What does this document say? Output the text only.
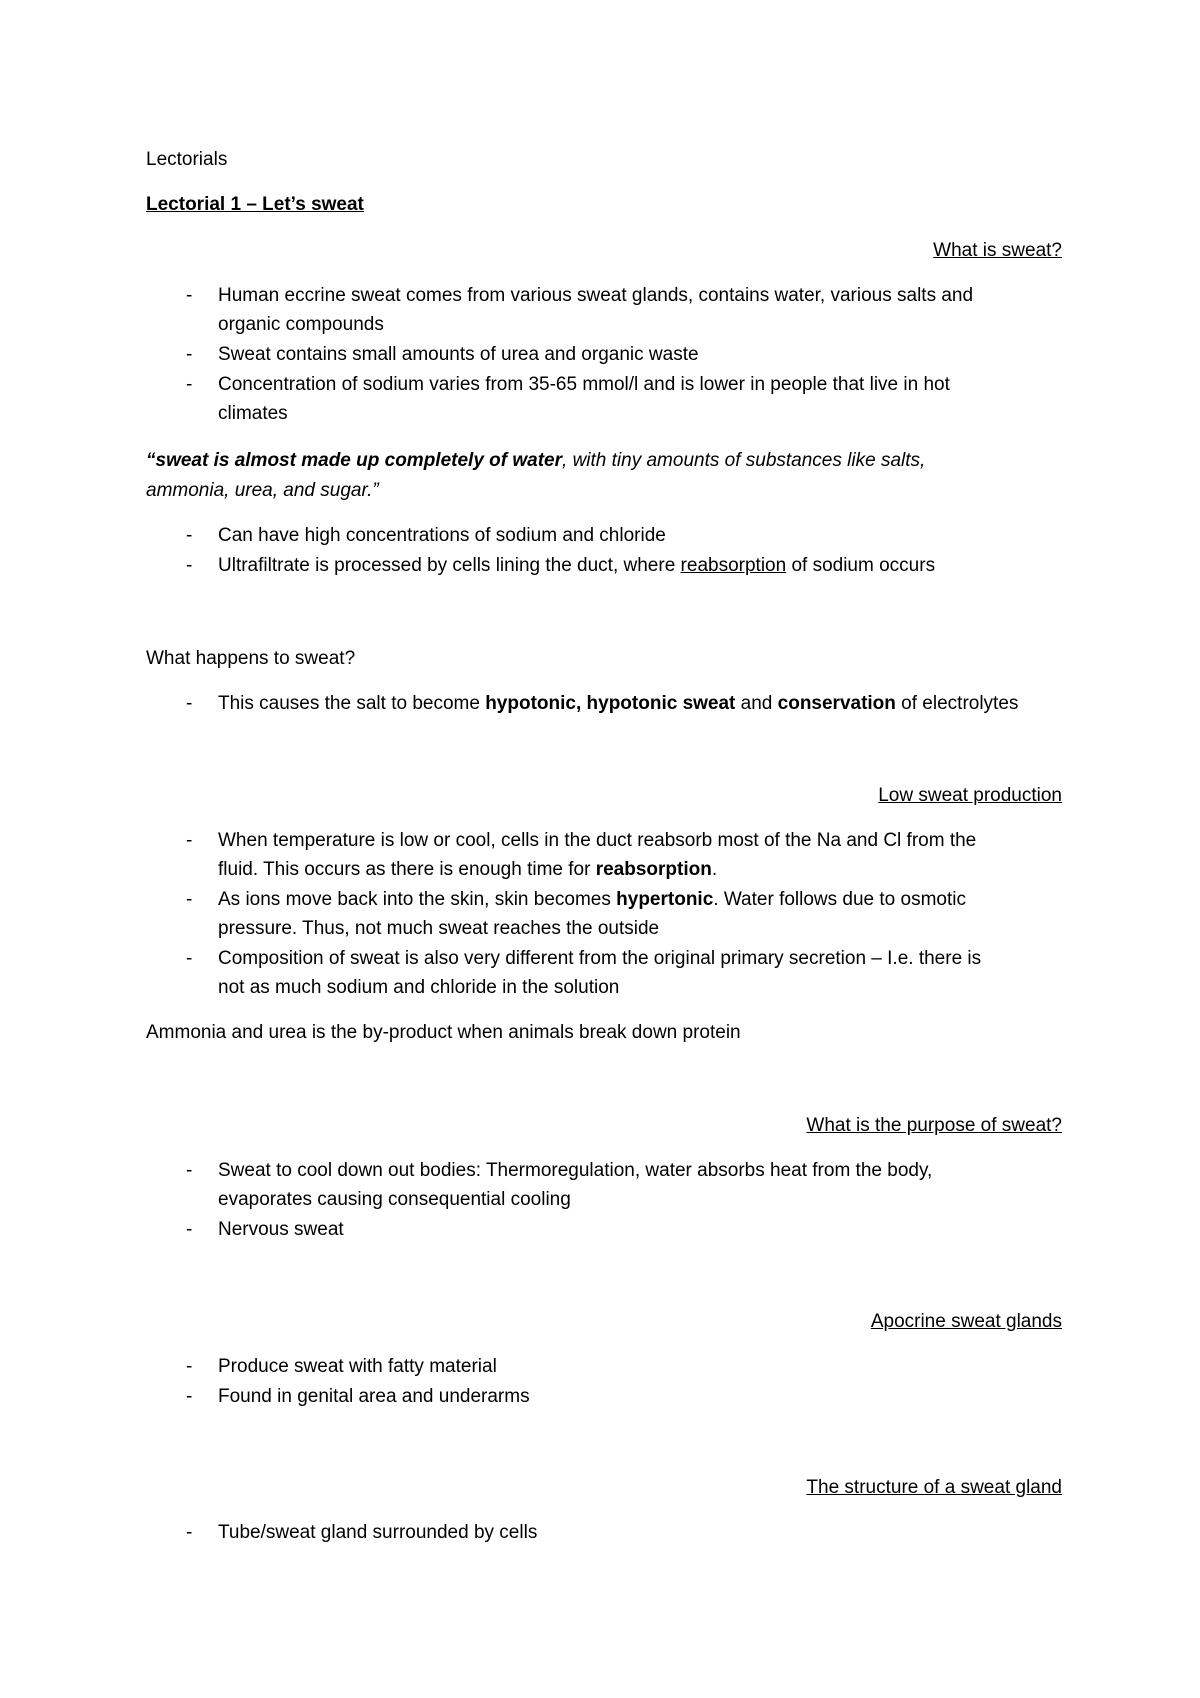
Lectorials
Lectorial 1 – Let’s sweat
What is sweat?
- Human eccrine sweat comes from various sweat glands, contains water, various salts and
organic compounds
- Sweat contains small amounts of urea and organic waste
- Concentration of sodium varies from 35-65 mmol/l and is lower in people that live in hot
climates
“sweat is almost made up completely of water, with tiny amounts of substances like salts,
ammonia, urea, and sugar.”
- Can have high concentrations of sodium and chloride
- Ultrafiltrate is processed by cells lining the duct, where reabsorption of sodium occurs
What happens to sweat?
- This causes the salt to become hypotonic, hypotonic sweat and conservation of electrolytes
Low sweat production
- When temperature is low or cool, cells in the duct reabsorb most of the Na and Cl from the
fluid. This occurs as there is enough time for reabsorption.
- As ions move back into the skin, skin becomes hypertonic. Water follows due to osmotic
pressure. Thus, not much sweat reaches the outside
- Composition of sweat is also very different from the original primary secretion – I.e. there is
not as much sodium and chloride in the solution
Ammonia and urea is the by-product when animals break down protein
What is the purpose of sweat?
- Sweat to cool down out bodies: Thermoregulation, water absorbs heat from the body,
evaporates causing consequential cooling
- Nervous sweat
Apocrine sweat glands
- Produce sweat with fatty material
- Found in genital area and underarms
The structure of a sweat gland
- Tube/sweat gland surrounded by cells
